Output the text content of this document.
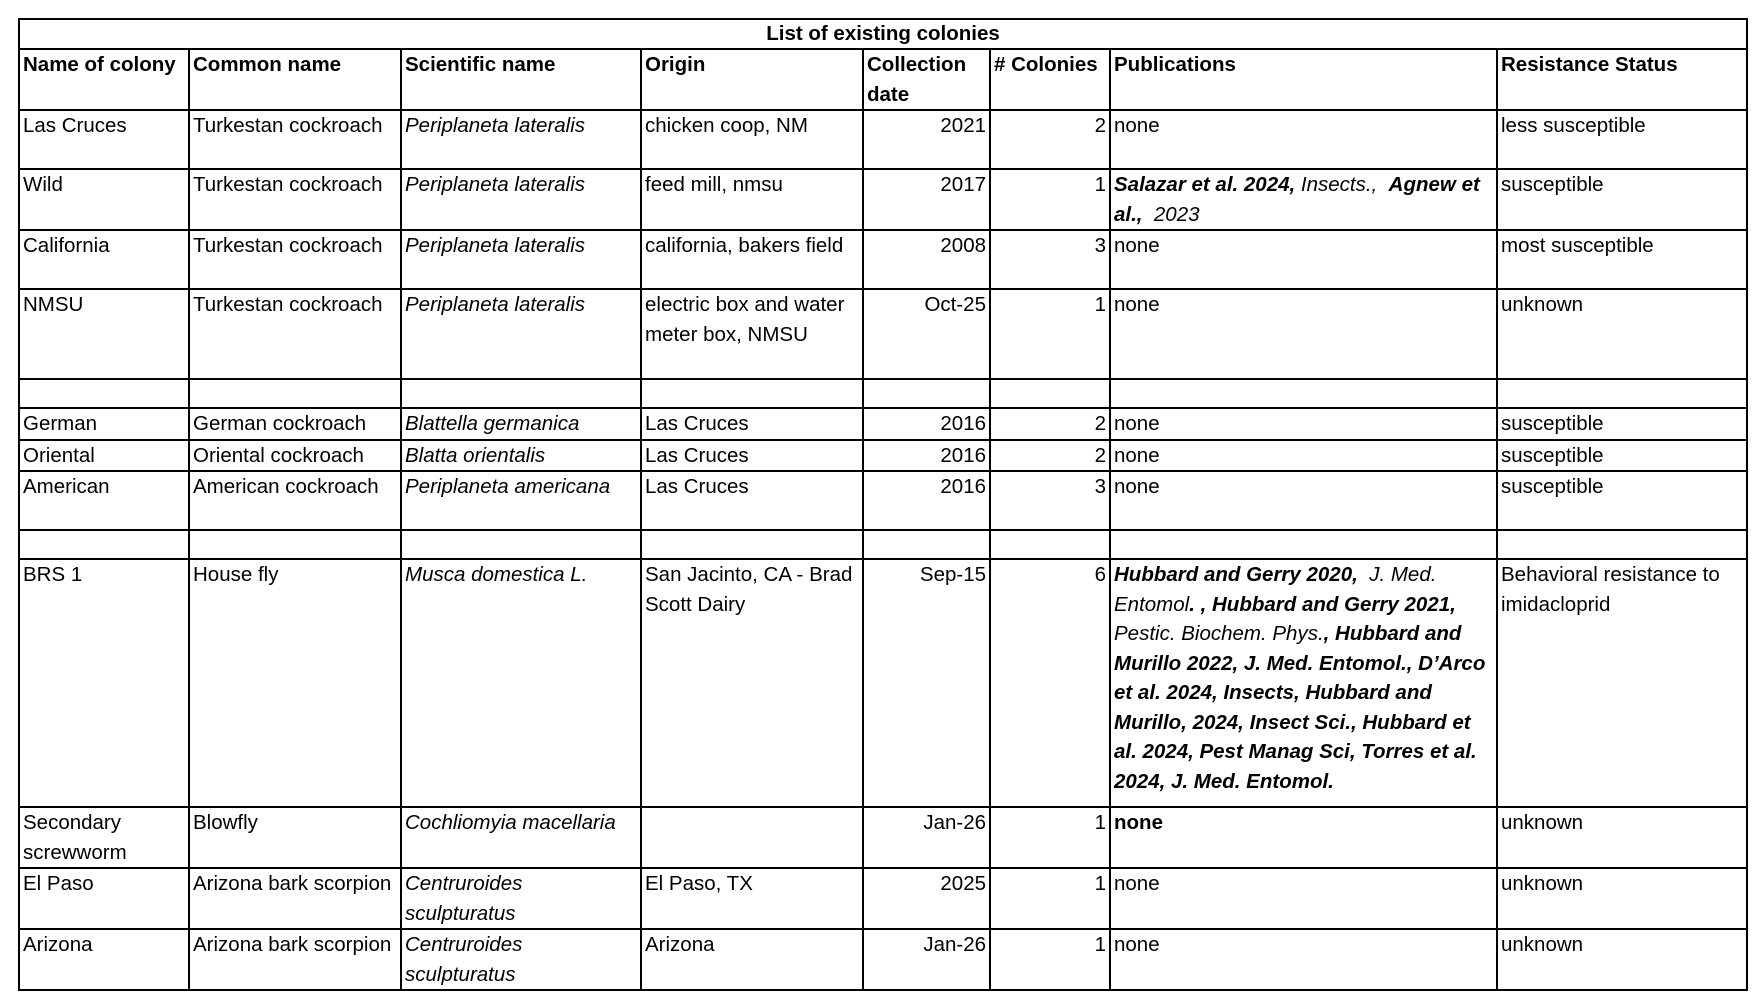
List of existing colonies							
Name of colony	Common name	Scientific name	Origin	Collection date	# Colonies	Publications	Resistance Status
Las Cruces	Turkestan cockroach	Periplaneta lateralis	chicken coop, NM	2021	2	none	less susceptible
Wild	Turkestan cockroach	Periplaneta lateralis	feed mill, nmsu	2017	1	Salazar et al. 2024, Insects., Agnew et al., 2023	susceptible
California	Turkestan cockroach	Periplaneta lateralis	california, bakers field	2008	3	none	most susceptible
NMSU	Turkestan cockroach	Periplaneta lateralis	electric box and water meter box, NMSU	Oct-25	1	none	unknown

German	German cockroach	Blattella germanica	Las Cruces	2016	2	none	susceptible
Oriental	Oriental cockroach	Blatta orientalis	Las Cruces	2016	2	none	susceptible
American	American cockroach	Periplaneta americana	Las Cruces	2016	3	none	susceptible

BRS 1	House fly	Musca domestica L.	San Jacinto, CA - Brad Scott Dairy	Sep-15	6	Hubbard and Gerry 2020, J. Med. Entomol. , Hubbard and Gerry 2021, Pestic. Biochem. Phys., Hubbard and Murillo 2022, J. Med. Entomol., D’Arco et al. 2024, Insects, Hubbard and Murillo, 2024, Insect Sci., Hubbard et al. 2024, Pest Manag Sci, Torres et al. 2024, J. Med. Entomol.	Behavioral resistance to imidacloprid
Secondary screwworm	Blowfly	Cochliomyia macellaria		Jan-26	1	none	unknown
El Paso	Arizona bark scorpion	Centruroides sculpturatus	El Paso, TX	2025	1	none	unknown
Arizona	Arizona bark scorpion	Centruroides sculpturatus	Arizona	Jan-26	1	none	unknown
